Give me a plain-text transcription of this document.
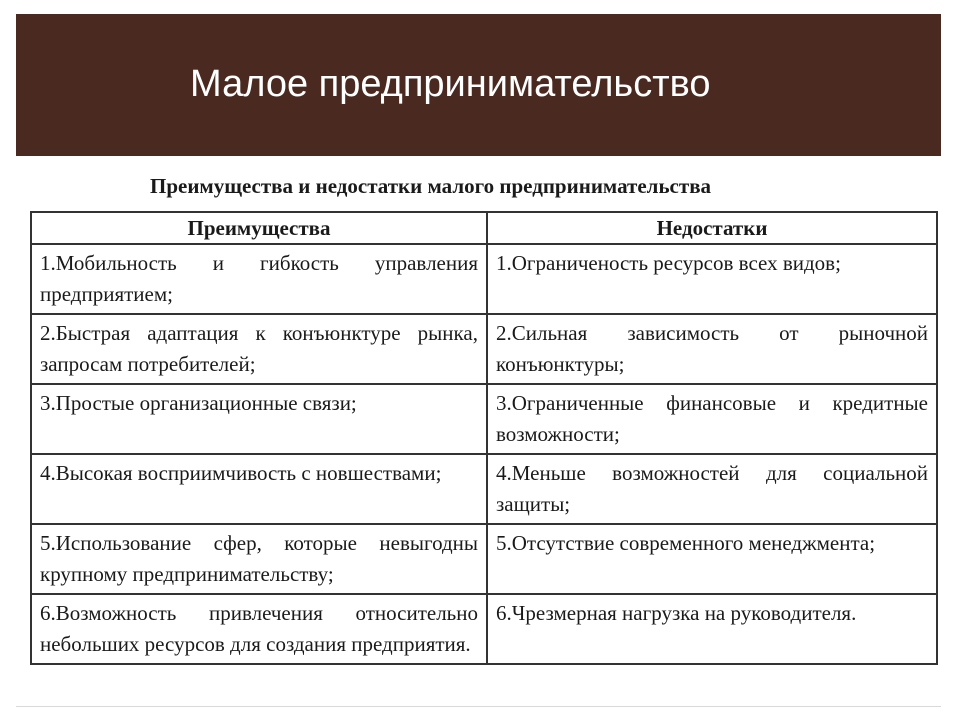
Малое предпринимательство
Преимущества и недостатки малого предпринимательства
Преимущества	Недостатки
1.Мобильность и гибкость управления предприятием;	1.Ограниченость ресурсов всех видов;
2.Быстрая адаптация к конъюнктуре рынка, запросам потребителей;	2.Сильная зависимость от рыночной конъюнктуры;
3.Простые организационные связи;	3.Ограниченные финансовые и кредитные возможности;
4.Высокая восприимчивость с новшествами;	4.Меньше возможностей для социальной защиты;
5.Использование сфер, которые невыгодны крупному предпринимательству;	5.Отсутствие современного менеджмента;
6.Возможность привлечения относительно небольших ресурсов для создания предприятия.	6.Чрезмерная нагрузка на руководителя.
